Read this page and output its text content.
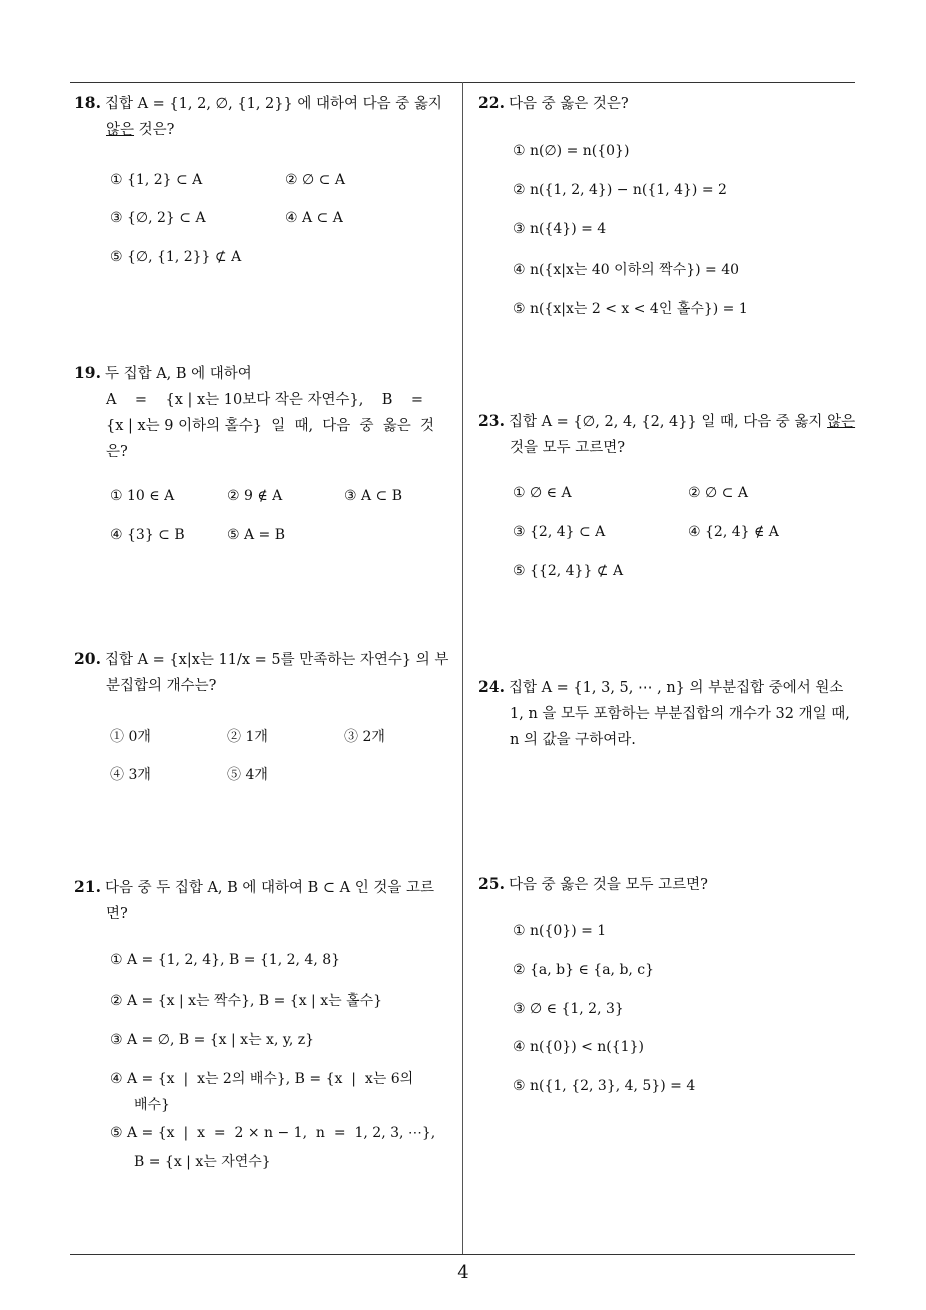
18. 집합 A = {1, 2, ∅, {1, 2}} 에 대하여 다음 중 옳지
않은 것은?
① {1, 2} ⊂ A	② ∅ ⊂ A
③ {∅, 2} ⊂ A	④ A ⊂ A
⑤ {∅, {1, 2}} ⊄ A
19. 두 집합 A, B 에 대하여
A    =    {x | x는 10보다 작은 자연수},    B    =
{x | x는 9 이하의 홀수}  일  때,  다음  중  옳은  것
은?
① 10 ∈ A	② 9 ∉ A	③ A ⊂ B
④ {3} ⊂ B	⑤ A = B
20. 집합 A = {x|x는 11/x = 5를 만족하는 자연수} 의 부
분집합의 개수는?
① 0개	② 1개	③ 2개
④ 3개	⑤ 4개
21. 다음 중 두 집합 A, B 에 대하여 B ⊂ A 인 것을 고르
면?
① A = {1, 2, 4}, B = {1, 2, 4, 8}
② A = {x | x는 짝수}, B = {x | x는 홀수}
③ A = ∅, B = {x | x는 x, y, z}
④ A = {x  |  x는 2의 배수}, B = {x  |  x는 6의
배수}
⑤ A = {x  |  x  =  2 × n − 1,  n  =  1, 2, 3, ⋯},
B = {x | x는 자연수}
22. 다음 중 옳은 것은?
① n(∅) = n({0})
② n({1, 2, 4}) − n({1, 4}) = 2
③ n({4}) = 4
④ n({x|x는 40 이하의 짝수}) = 40
⑤ n({x|x는 2 < x < 4인 홀수}) = 1
23. 집합 A = {∅, 2, 4, {2, 4}} 일 때, 다음 중 옳지 않은
것을 모두 고르면?
① ∅ ∈ A	② ∅ ⊂ A
③ {2, 4} ⊂ A	④ {2, 4} ∉ A
⑤ {{2, 4}} ⊄ A
24. 집합 A = {1, 3, 5, ⋯ , n} 의 부분집합 중에서 원소
1, n 을 모두 포함하는 부분집합의 개수가 32 개일 때,
n 의 값을 구하여라.
25. 다음 중 옳은 것을 모두 고르면?
① n({0}) = 1
② {a, b} ∈ {a, b, c}
③ ∅ ∈ {1, 2, 3}
④ n({0}) < n({1})
⑤ n({1, {2, 3}, 4, 5}) = 4
4
